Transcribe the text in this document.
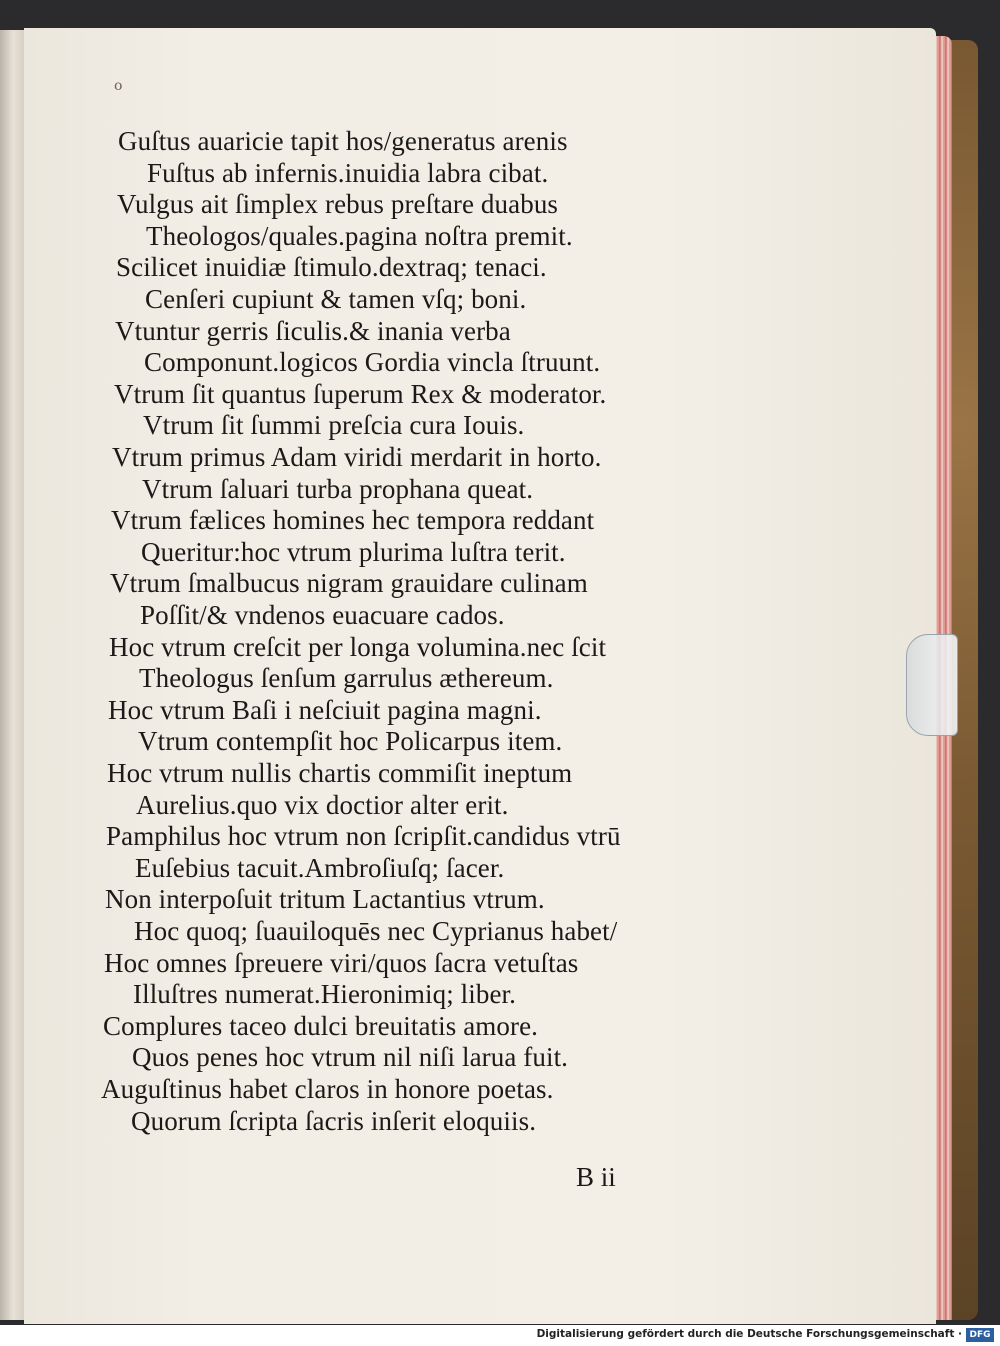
o
Guſtus auaricie tapit hos/generatus arenis
Fuſtus ab infernis.inuidia labra cibat.
Vulgus ait ſimplex rebus preſtare duabus
Theologos/quales.pagina noſtra premit.
Scilicet inuidiæ ſtimulo.dextraq; tenaci.
Cenſeri cupiunt & tamen vſq; boni.
Vtuntur gerris ſiculis.& inania verba
Componunt.logicos Gordia vincla ſtruunt.
Vtrum ſit quantus ſuperum Rex & moderator.
Vtrum ſit ſummi preſcia cura Iouis.
Vtrum primus Adam viridi merdarit in horto.
Vtrum ſaluari turba prophana queat.
Vtrum fælices homines hec tempora reddant
Queritur:hoc vtrum plurima luſtra terit.
Vtrum ſmalbucus nigram grauidare culinam
Poſſit/& vndenos euacuare cados.
Hoc vtrum creſcit per longa volumina.nec ſcit
Theologus ſenſum garrulus æthereum.
Hoc vtrum Baſi i neſciuit pagina magni.
Vtrum contempſit hoc Policarpus item.
Hoc vtrum nullis chartis commiſit ineptum
Aurelius.quo vix doctior alter erit.
Pamphilus hoc vtrum non ſcripſit.candidus vtrū
Euſebius tacuit.Ambroſiuſq; ſacer.
Non interpoſuit tritum Lactantius vtrum.
Hoc quoq; ſuauiloquēs nec Cyprianus habet/
Hoc omnes ſpreuere viri/quos ſacra vetuſtas
Illuſtres numerat.Hieronimiq; liber.
Complures taceo dulci breuitatis amore.
Quos penes hoc vtrum nil niſi larua fuit.
Auguſtinus habet claros in honore poetas.
Quorum ſcripta ſacris inſerit eloquiis.
B ii
Digitalisierung gefördert durch die Deutsche Forschungsgemeinschaft · DFG
